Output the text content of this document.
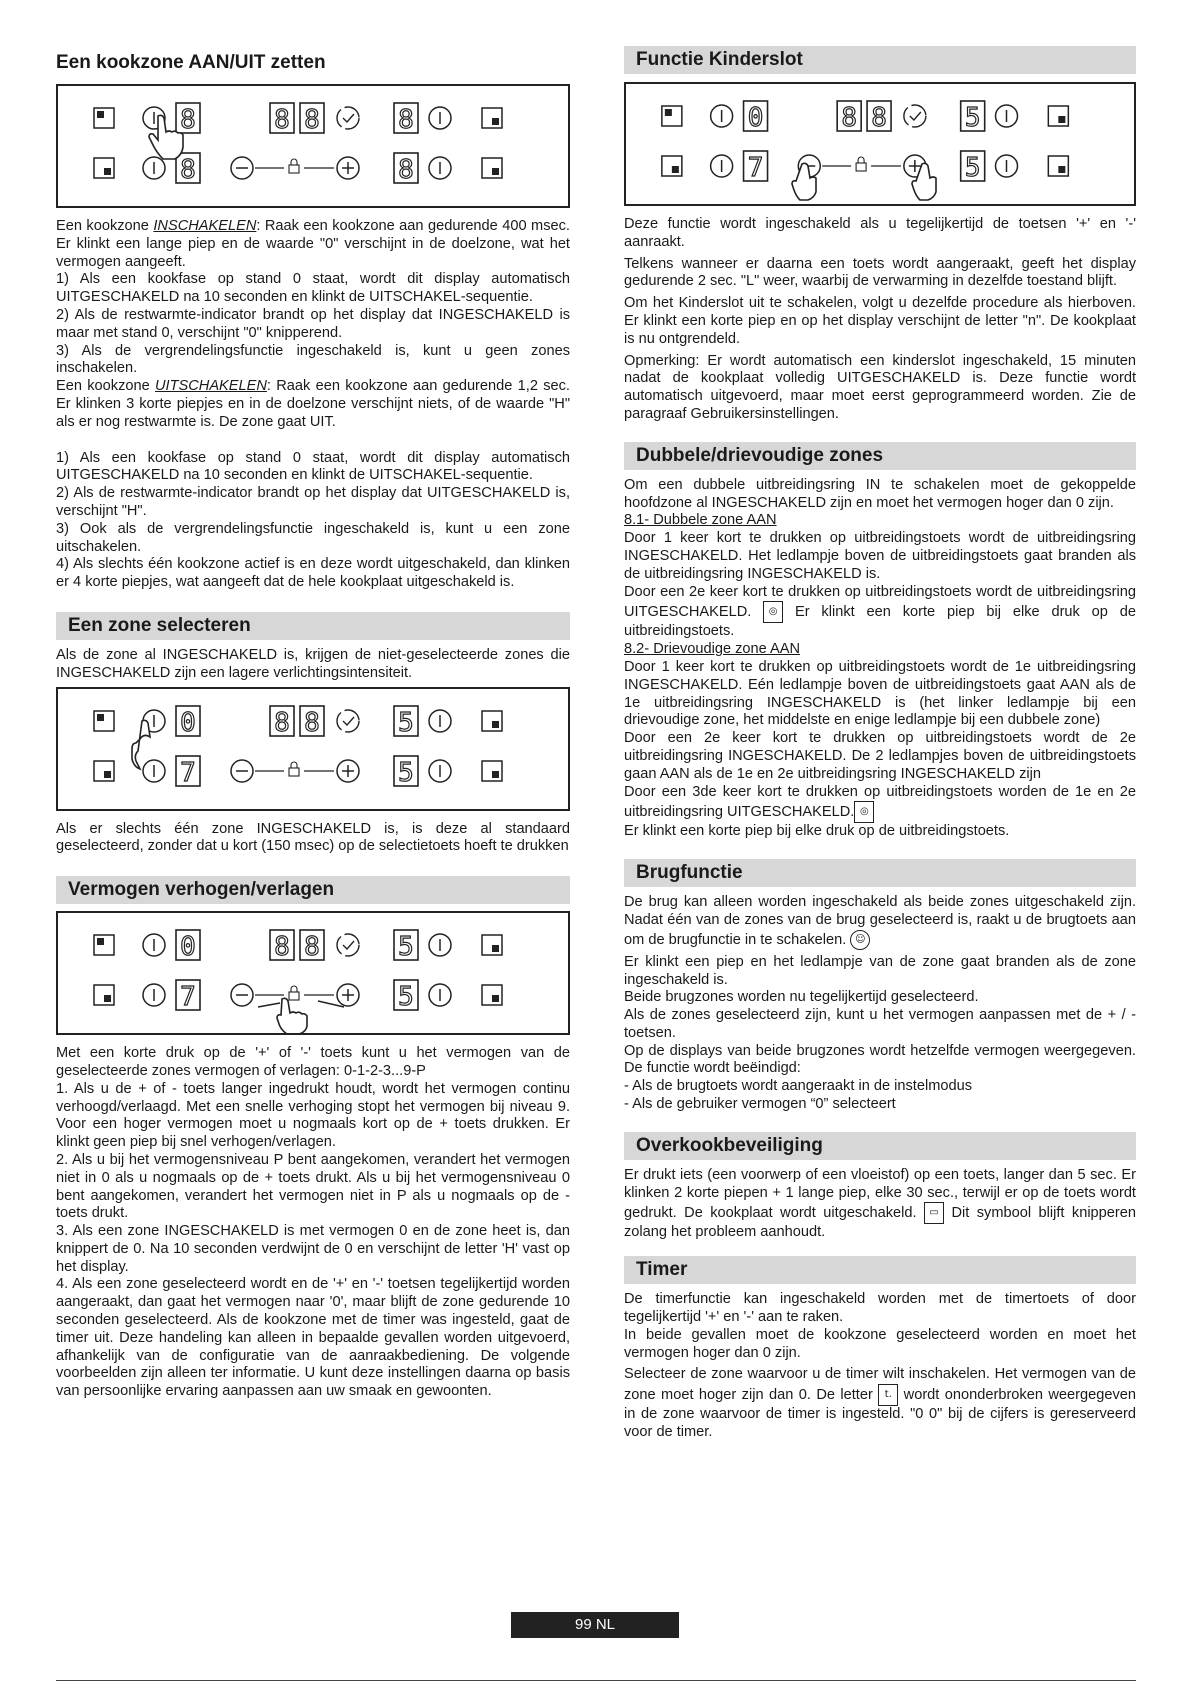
Een kookzone AAN/UIT zetten
8
8
8 8	8
8

Een kookzone INSCHAKELEN: Raak een kookzone aan gedurende 400 msec. Er klinkt een lange piep en de waarde "0" verschijnt in de doelzone, wat het vermogen aangeeft.

1) Als een kookfase op stand 0 staat, wordt dit display automatisch UITGESCHAKELD na 10 seconden en klinkt de UITSCHAKEL-sequentie.

2) Als de restwarmte-indicator brandt op het display dat INGESCHAKELD is maar met stand 0, verschijnt "0" knipperend.

3) Als de vergrendelingsfunctie ingeschakeld is, kunt u geen zones inschakelen.

Een kookzone UITSCHAKELEN: Raak een kookzone aan gedurende 1,2 sec. Er klinken 3 korte piepjes en in de doelzone verschijnt niets, of de waarde "H" als er nog restwarmte is. De zone gaat UIT.

1) Als een kookfase op stand 0 staat, wordt dit display automatisch UITGESCHAKELD na 10 seconden en klinkt de UITSCHAKEL-sequentie.

2) Als de restwarmte-indicator brandt op het display dat UITGESCHAKELD is, verschijnt "H".

3) Ook als de vergrendelingsfunctie ingeschakeld is, kunt u een zone uitschakelen.

4) Als slechts één kookzone actief is en deze wordt uitgeschakeld, dan klinken er 4 korte piepjes, wat aangeeft dat de hele kookplaat uitgeschakeld is.

Een zone selecteren

Als de zone al INGESCHAKELD is, krijgen de niet-geselecteerde zones die INGESCHAKELD zijn een lagere verlichtingsintensiteit.

0
7
8 8	5
5

Als er slechts één zone INGESCHAKELD is, is deze al standaard geselecteerd, zonder dat u kort (150 msec) op de selectietoets hoeft te drukken

Vermogen verhogen/verlagen
0
7
8 8	5
5

Met een korte druk op de '+' of '-' toets kunt u het vermogen van de geselecteerde zones vermogen of verlagen: 0-1-2-3...9-P

1. Als u de + of - toets langer ingedrukt houdt, wordt het vermogen continu verhoogd/verlaagd. Met een snelle verhoging stopt het vermogen bij niveau 9. Voor een hoger vermogen moet u nogmaals kort op de + toets drukken. Er klinkt geen piep bij snel verhogen/verlagen.

2. Als u bij het vermogensniveau P bent aangekomen, verandert het vermogen niet in 0 als u nogmaals op de + toets drukt. Als u bij het vermogensniveau 0 bent aangekomen, verandert het vermogen niet in P als u nogmaals op de - toets drukt.

3. Als een zone INGESCHAKELD is met vermogen 0 en de zone heet is, dan knippert de 0. Na 10 seconden verdwijnt de 0 en verschijnt de letter 'H' vast op het display.

4. Als een zone geselecteerd wordt en de '+' en '-' toetsen tegelijkertijd worden aangeraakt, dan gaat het vermogen naar '0', maar blijft de zone gedurende 10 seconden geselecteerd. Als de kookzone met de timer was ingesteld, gaat de timer uit. Deze handeling kan alleen in bepaalde gevallen worden uitgevoerd, afhankelijk van de configuratie van de aanraakbediening. De volgende voorbeelden zijn alleen ter informatie. U kunt deze instellingen daarna op basis van persoonlijke ervaring aanpassen aan uw smaak en gewoonten.

Functie Kinderslot
0
7
8 8	5
5

Deze functie wordt ingeschakeld als u tegelijkertijd de toetsen '+' en '-' aanraakt.

Telkens wanneer er daarna een toets wordt aangeraakt, geeft het display gedurende 2 sec. "L" weer, waarbij de verwarming in dezelfde toestand blijft.

Om het Kinderslot uit te schakelen, volgt u dezelfde procedure als hierboven. Er klinkt een korte piep en op het display verschijnt de letter "n". De kookplaat is nu ontgrendeld.

Opmerking: Er wordt automatisch een kinderslot ingeschakeld, 15 minuten nadat de kookplaat volledig UITGESCHAKELD is. Deze functie wordt automatisch uitgevoerd, maar moet eerst geprogrammeerd worden. Zie de paragraaf Gebruikersinstellingen.

Dubbele/drievoudige zones

Om een dubbele uitbreidingsring IN te schakelen moet de gekoppelde hoofdzone al INGESCHAKELD zijn en moet het vermogen hoger dan 0 zijn.

8.1- Dubbele zone AAN

Door 1 keer kort te drukken op uitbreidingstoets wordt de uitbreidingsring INGESCHAKELD. Het ledlampje boven de uitbreidingstoets gaat branden als de uitbreidingsring INGESCHAKELD is.

Door een 2e keer kort te drukken op uitbreidingstoets wordt de uitbreidingsring UITGESCHAKELD. ◎ Er klinkt een korte piep bij elke druk op de uitbreidingstoets.

8.2- Drievoudige zone AAN

Door 1 keer kort te drukken op uitbreidingstoets wordt de 1e uitbreidingsring INGESCHAKELD. Eén ledlampje boven de uitbreidingstoets gaat AAN als de 1e uitbreidingsring INGESCHAKELD is (het linker ledlampje bij een drievoudige zone, het middelste en enige ledlampje bij een dubbele zone)

Door een 2e keer kort te drukken op uitbreidingstoets wordt de 2e uitbreidingsring INGESCHAKELD. De 2 ledlampjes boven de uitbreidingstoets gaan AAN als de 1e en 2e uitbreidingsring INGESCHAKELD zijn

Door een 3de keer kort te drukken op uitbreidingstoets worden de 1e en 2e uitbreidingsring UITGESCHAKELD. ◎

Er klinkt een korte piep bij elke druk op de uitbreidingstoets.

Brugfunctie

De brug kan alleen worden ingeschakeld als beide zones uitgeschakeld zijn. Nadat één van de zones van de brug geselecteerd is, raakt u de brugtoets aan om de brugfunctie in te schakelen. ☺

Er klinkt een piep en het ledlampje van de zone gaat branden als de zone ingeschakeld is.

Beide brugzones worden nu tegelijkertijd geselecteerd.

Als de zones geselecteerd zijn, kunt u het vermogen aanpassen met de + / - toetsen.

Op de displays van beide brugzones wordt hetzelfde vermogen weergegeven. De functie wordt beëindigd:

- Als de brugtoets wordt aangeraakt in de instelmodus

- Als de gebruiker vermogen “0” selecteert

Overkookbeveiliging

Er drukt iets (een voorwerp of een vloeistof) op een toets, langer dan 5 sec. Er klinken 2 korte piepen + 1 lange piep, elke 30 sec., terwijl er op de toets wordt gedrukt. De kookplaat wordt uitgeschakeld. ▭ Dit symbool blijft knipperen zolang het probleem aanhoudt.

Timer

De timerfunctie kan ingeschakeld worden met de timertoets of door tegelijkertijd '+' en '-' aan te raken.

In beide gevallen moet de kookzone geselecteerd worden en moet het vermogen hoger dan 0 zijn.

Selecteer de zone waarvoor u de timer wilt inschakelen. Het vermogen van de zone moet hoger zijn dan 0. De letter t. wordt ononderbroken weergegeven in de zone waarvoor de timer is ingesteld. "0 0" bij de cijfers is gereserveerd voor de timer.

99 NL
